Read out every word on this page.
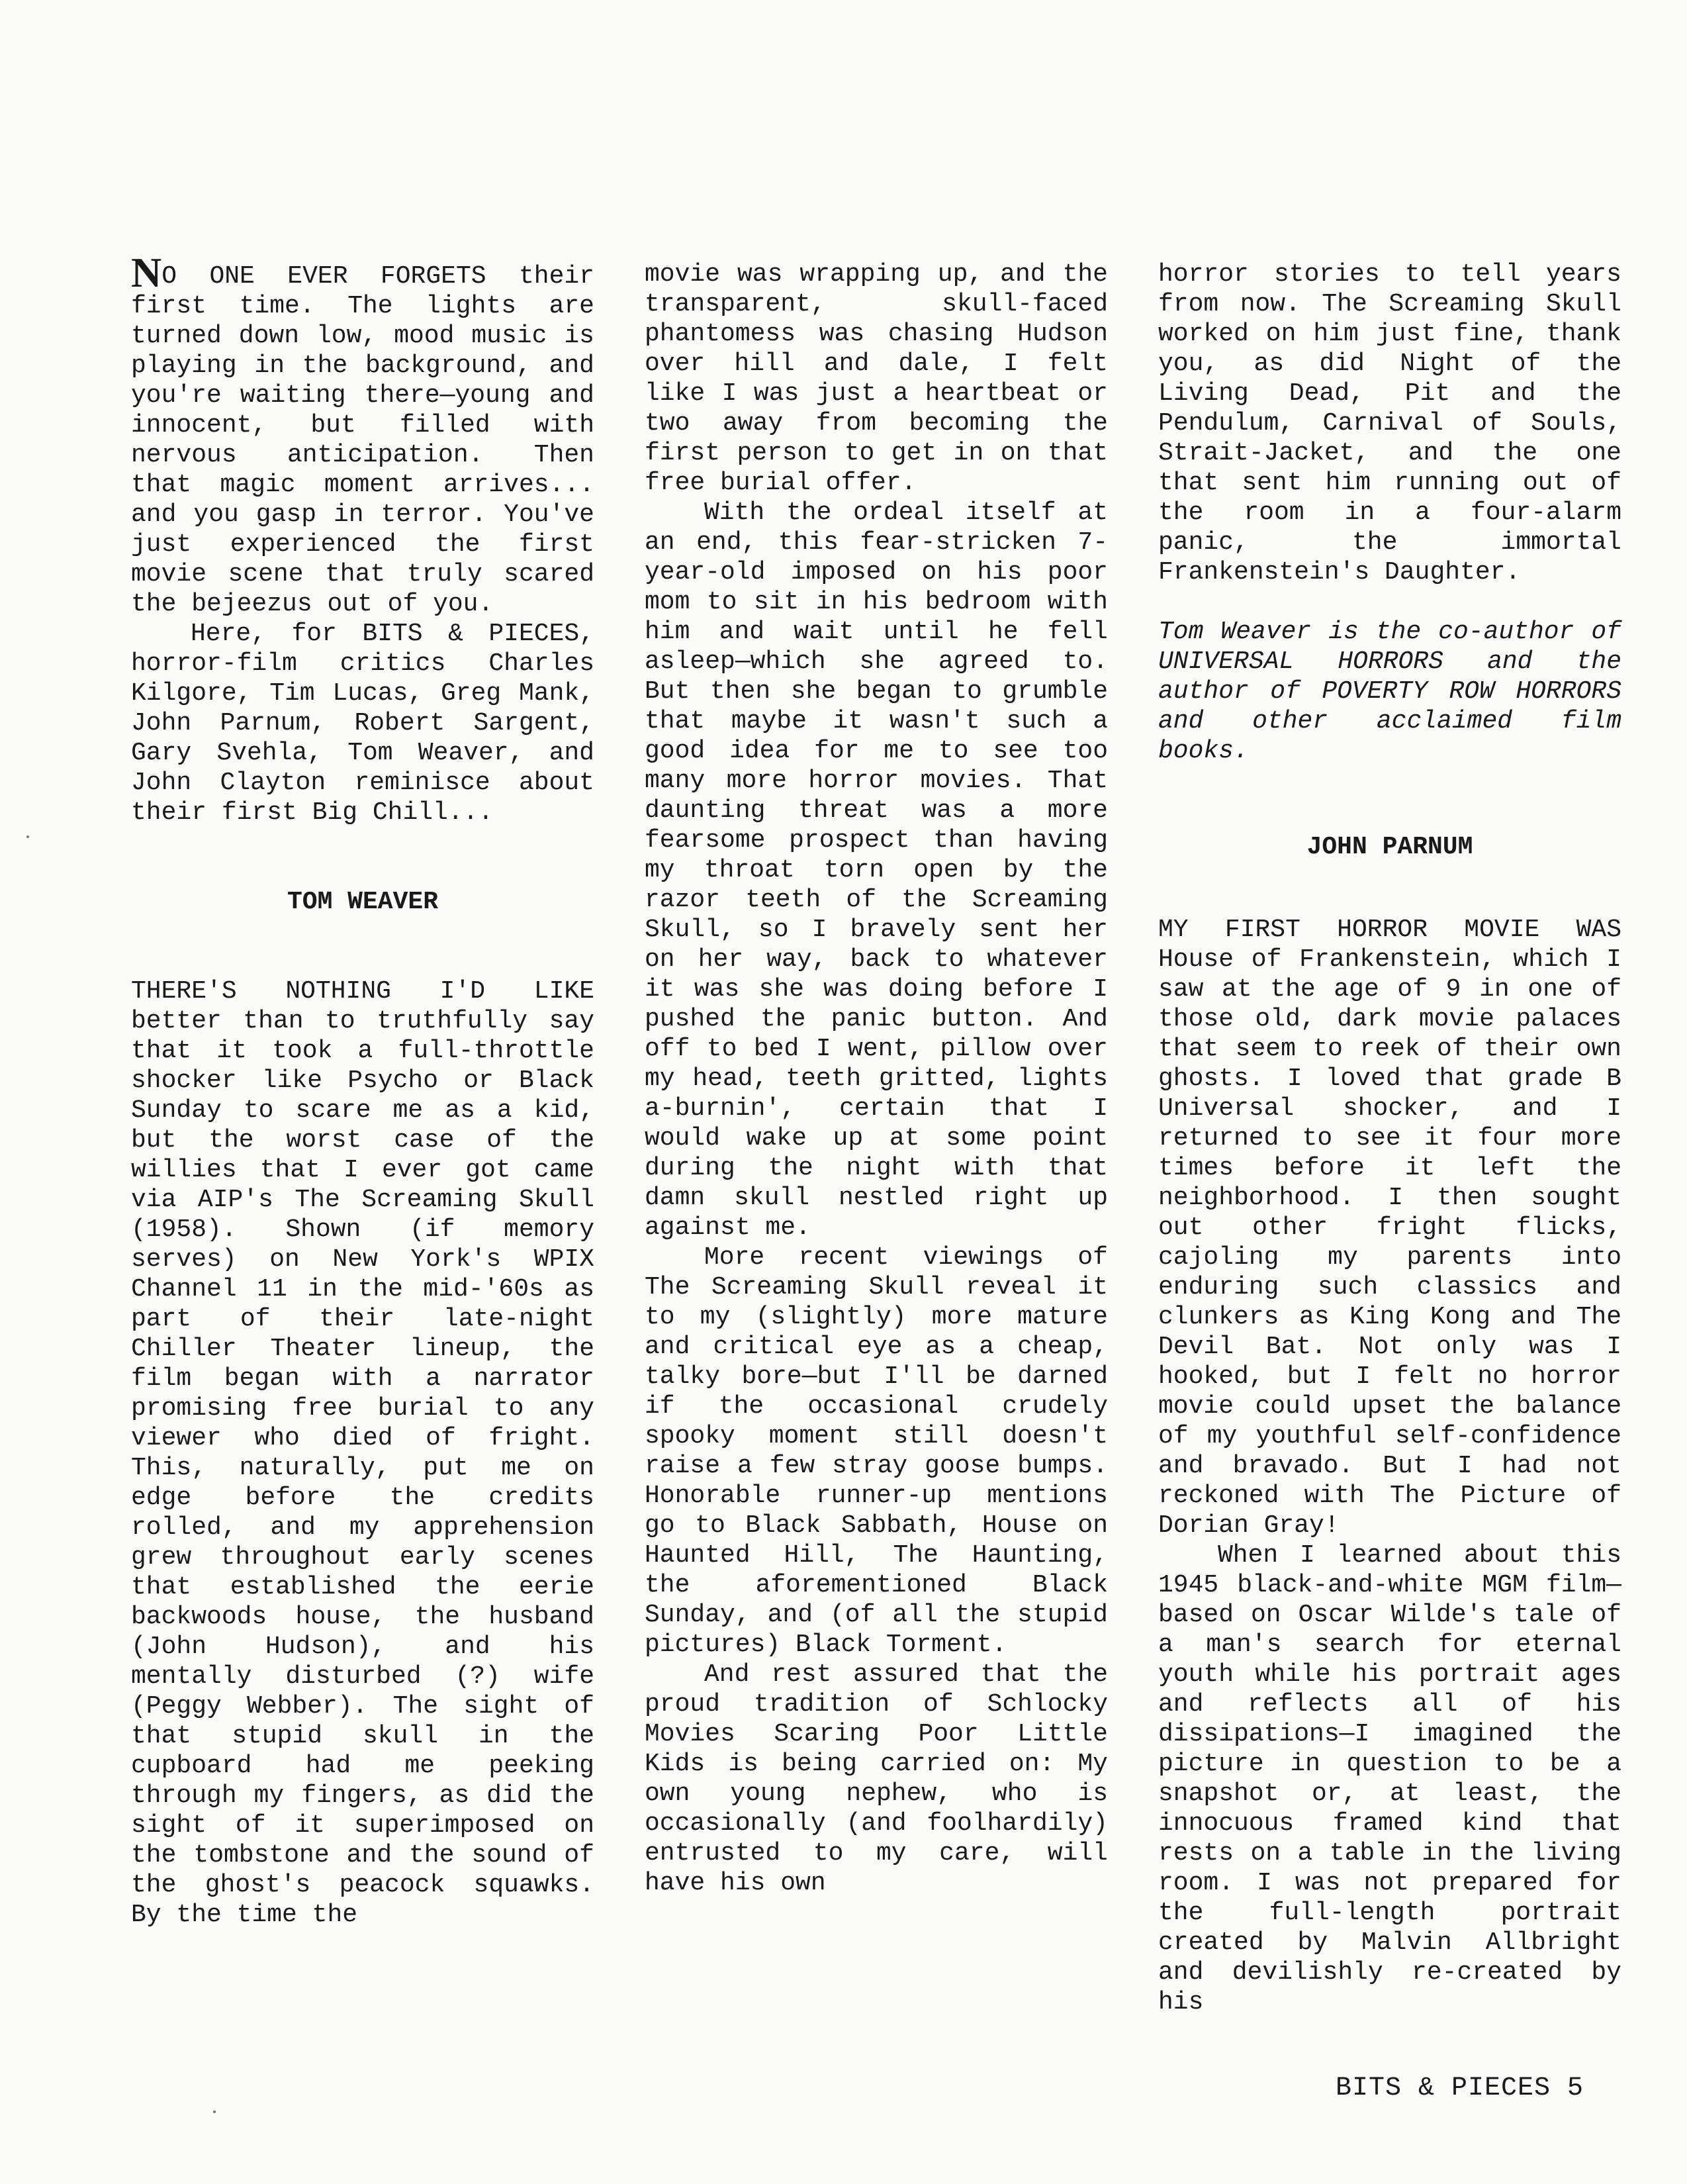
NO ONE EVER FORGETS their first time. The lights are turned down low, mood music is playing in the background, and you're waiting there—young and innocent, but filled with nervous anticipation. Then that magic moment arrives... and you gasp in terror. You've just experienced the first movie scene that truly scared the bejeezus out of you.

Here, for BITS & PIECES, horror-film critics Charles Kilgore, Tim Lucas, Greg Mank, John Parnum, Robert Sargent, Gary Svehla, Tom Weaver, and John Clayton reminisce about their first Big Chill...

TOM WEAVER

THERE'S NOTHING I'D LIKE better than to truthfully say that it took a full-throttle shocker like Psycho or Black Sunday to scare me as a kid, but the worst case of the willies that I ever got came via AIP's The Screaming Skull (1958). Shown (if memory serves) on New York's WPIX Channel 11 in the mid-'60s as part of their late-night Chiller Theater lineup, the film began with a narrator promising free burial to any viewer who died of fright. This, naturally, put me on edge before the credits rolled, and my apprehension grew throughout early scenes that established the eerie backwoods house, the husband (John Hudson), and his mentally disturbed (?) wife (Peggy Webber). The sight of that stupid skull in the cupboard had me peeking through my fingers, as did the sight of it superimposed on the tombstone and the sound of the ghost's peacock squawks. By the time the

movie was wrapping up, and the transparent, skull-faced phantomess was chasing Hudson over hill and dale, I felt like I was just a heartbeat or two away from becoming the first person to get in on that free burial offer.

With the ordeal itself at an end, this fear-stricken 7-year-old imposed on his poor mom to sit in his bedroom with him and wait until he fell asleep—which she agreed to. But then she began to grumble that maybe it wasn't such a good idea for me to see too many more horror movies. That daunting threat was a more fearsome prospect than having my throat torn open by the razor teeth of the Screaming Skull, so I bravely sent her on her way, back to whatever it was she was doing before I pushed the panic button. And off to bed I went, pillow over my head, teeth gritted, lights a-burnin', certain that I would wake up at some point during the night with that damn skull nestled right up against me.

More recent viewings of The Screaming Skull reveal it to my (slightly) more mature and critical eye as a cheap, talky bore—but I'll be darned if the occasional crudely spooky moment still doesn't raise a few stray goose bumps. Honorable runner-up mentions go to Black Sabbath, House on Haunted Hill, The Haunting, the aforementioned Black Sunday, and (of all the stupid pictures) Black Torment.

And rest assured that the proud tradition of Schlocky Movies Scaring Poor Little Kids is being carried on: My own young nephew, who is occasionally (and foolhardily) entrusted to my care, will have his own

horror stories to tell years from now. The Screaming Skull worked on him just fine, thank you, as did Night of the Living Dead, Pit and the Pendulum, Carnival of Souls, Strait-Jacket, and the one that sent him running out of the room in a four-alarm panic, the immortal Frankenstein's Daughter.

Tom Weaver is the co-author of UNIVERSAL HORRORS and the author of POVERTY ROW HORRORS and other acclaimed film books.

JOHN PARNUM

MY FIRST HORROR MOVIE WAS House of Frankenstein, which I saw at the age of 9 in one of those old, dark movie palaces that seem to reek of their own ghosts. I loved that grade B Universal shocker, and I returned to see it four more times before it left the neighborhood. I then sought out other fright flicks, cajoling my parents into enduring such classics and clunkers as King Kong and The Devil Bat. Not only was I hooked, but I felt no horror movie could upset the balance of my youthful self-confidence and bravado. But I had not reckoned with The Picture of Dorian Gray!

When I learned about this 1945 black-and-white MGM film—based on Oscar Wilde's tale of a man's search for eternal youth while his portrait ages and reflects all of his dissipations—I imagined the picture in question to be a snapshot or, at least, the innocuous framed kind that rests on a table in the living room. I was not prepared for the full-length portrait created by Malvin Allbright and devilishly re-created by his

BITS & PIECES 5
